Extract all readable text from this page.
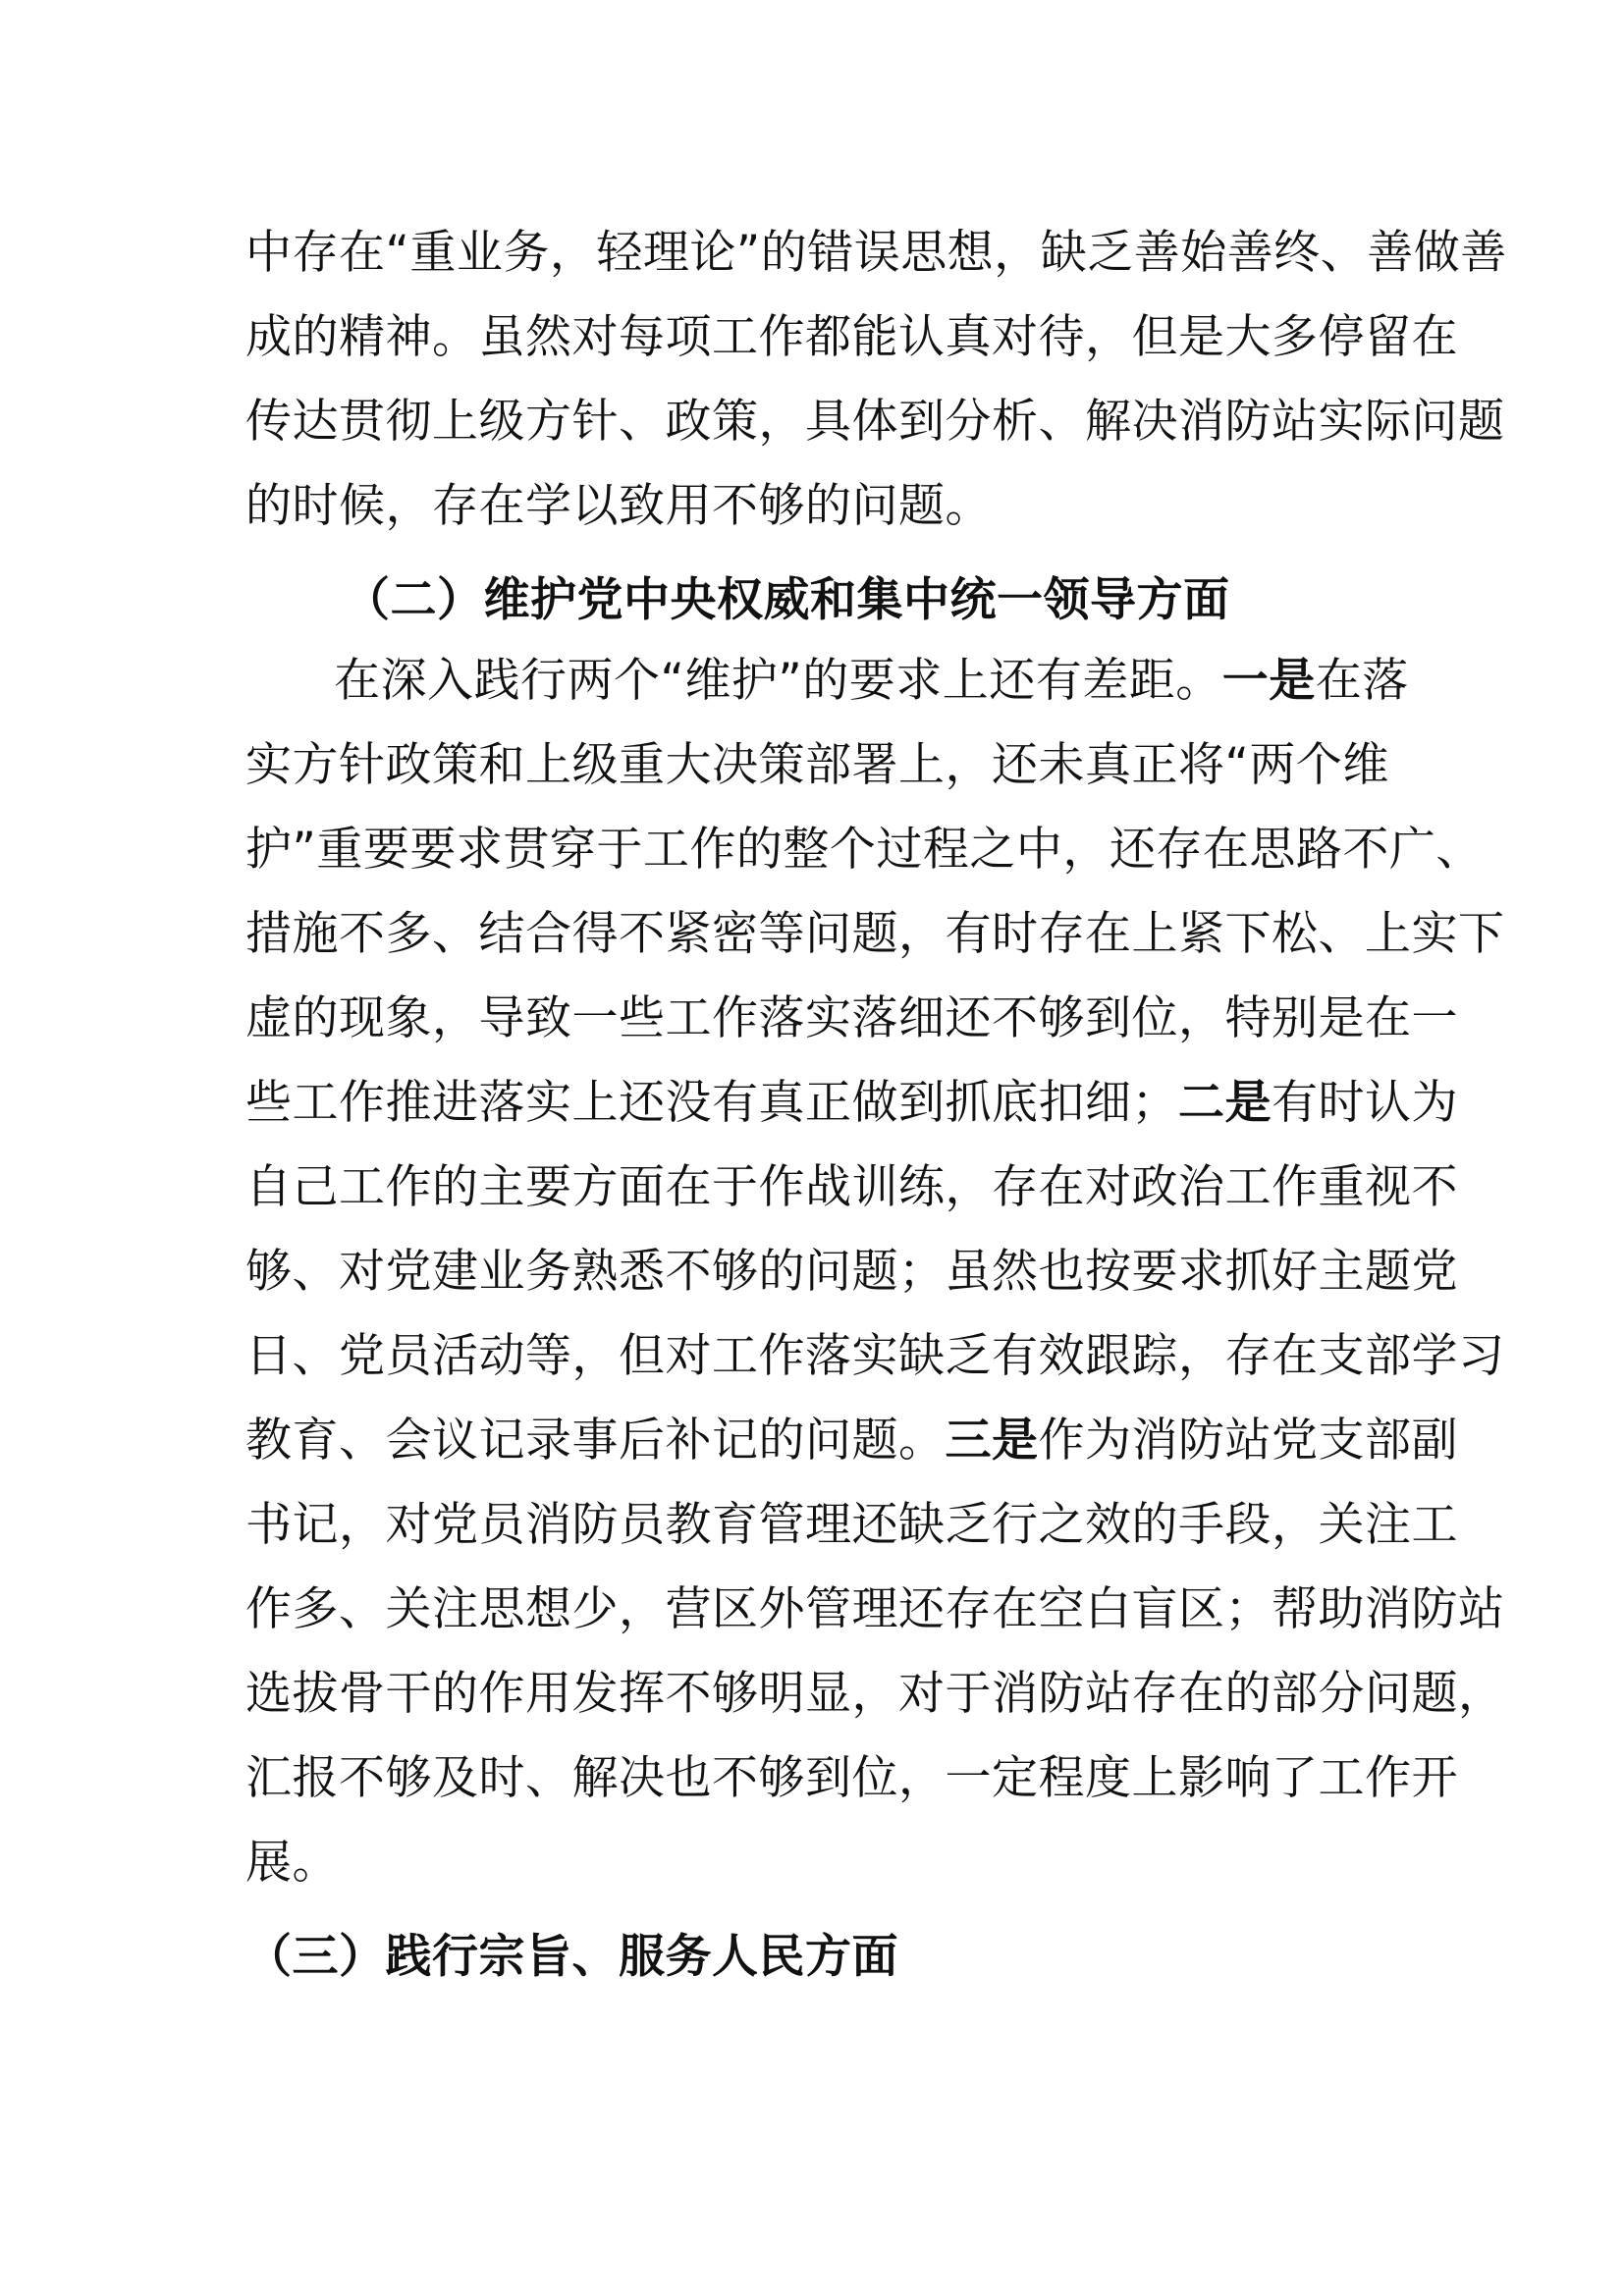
中存在“重业务，轻理论”的错误思想，缺乏善始善终、善做善
成的精神。虽然对每项工作都能认真对待，但是大多停留在
传达贯彻上级方针、政策，具体到分析、解决消防站实际问题
的时候，存在学以致用不够的问题。
（二）维护党中央权威和集中统一领导方面
在深入践行两个“维护”的要求上还有差距。一是在落
实方针政策和上级重大决策部署上，还未真正将“两个维
护”重要要求贯穿于工作的整个过程之中，还存在思路不广、
措施不多、结合得不紧密等问题，有时存在上紧下松、上实下
虚的现象，导致一些工作落实落细还不够到位，特别是在一
些工作推进落实上还没有真正做到抓底扣细；二是有时认为
自己工作的主要方面在于作战训练，存在对政治工作重视不
够、对党建业务熟悉不够的问题；虽然也按要求抓好主题党
日、党员活动等，但对工作落实缺乏有效跟踪，存在支部学习
教育、会议记录事后补记的问题。三是作为消防站党支部副
书记，对党员消防员教育管理还缺乏行之效的手段，关注工
作多、关注思想少，营区外管理还存在空白盲区；帮助消防站
选拔骨干的作用发挥不够明显，对于消防站存在的部分问题，
汇报不够及时、解决也不够到位，一定程度上影响了工作开
展。
（三）践行宗旨、服务人民方面
